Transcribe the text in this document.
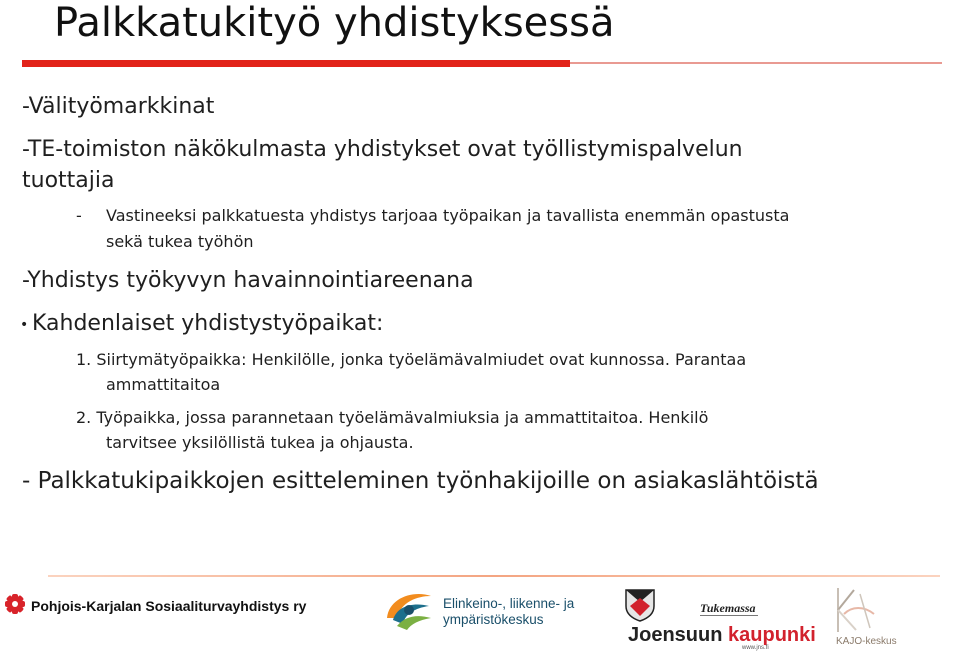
Palkkatukityö yhdistyksessä
-Välityömarkkinat
-TE-toimiston näkökulmasta yhdistykset ovat työllistymispalvelun
tuottajia
- Vastineeksi palkkatuesta yhdistys tarjoaa työpaikan ja tavallista enemmän opastusta
sekä tukea työhön
-Yhdistys työkyvyn havainnointiareenana
• Kahdenlaiset yhdistystyöpaikat:
1. Siirtymätyöpaikka: Henkilölle, jonka työelämävalmiudet ovat kunnossa. Parantaa
ammattitaitoa
2. Työpaikka, jossa parannetaan työelämävalmiuksia ja ammattitaitoa. Henkilö
tarvitsee yksilöllistä tukea ja ohjausta.
- Palkkatukipaikkojen esitteleminen työnhakijoille on asiakaslähtöistä
Pohjois-Karjalan Sosiaaliturvayhdistys ry	Elinkeino-, liikenne- ja
ympäristökeskus
Tukemassa
Joensuun kaupunki
www.jns.fi
KAJO-keskus
